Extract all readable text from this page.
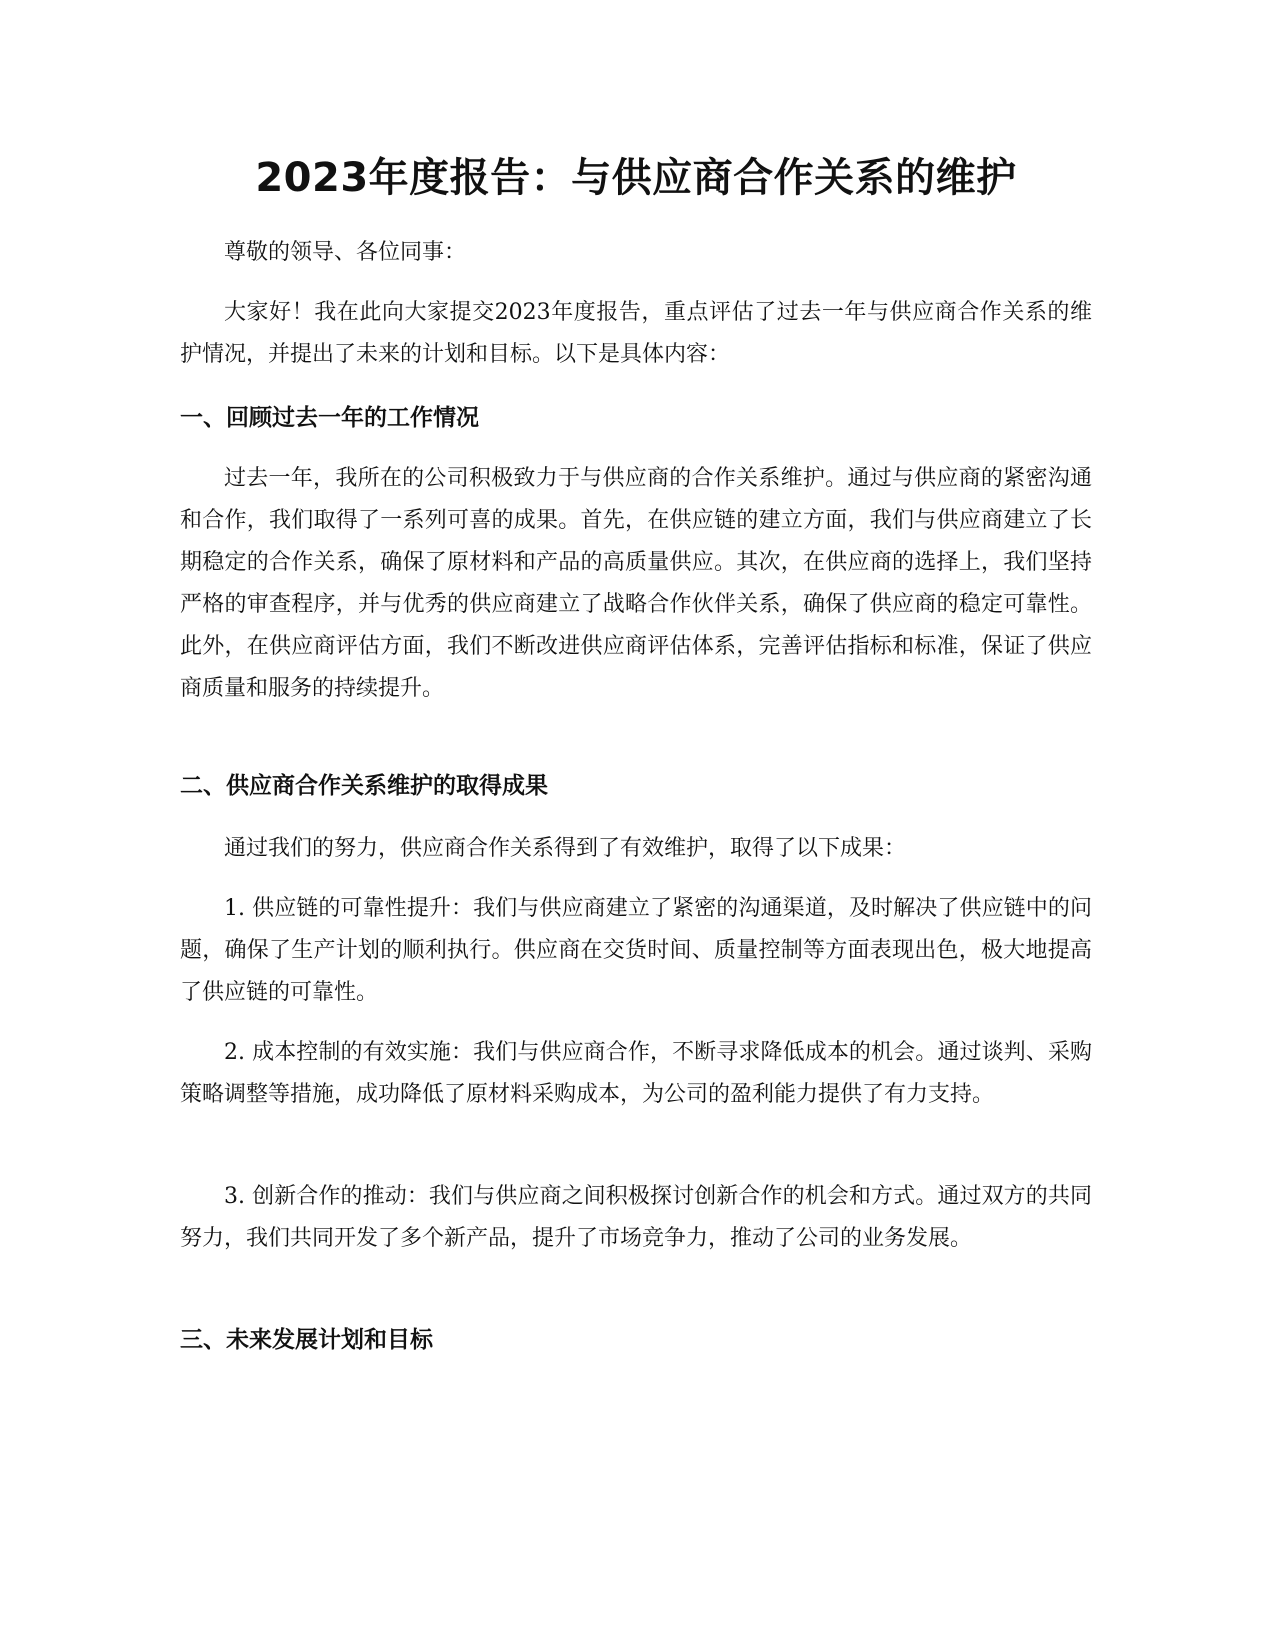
2023年度报告：与供应商合作关系的维护

尊敬的领导、各位同事：

大家好！我在此向大家提交2023年度报告，重点评估了过去一年与供应商合作关系的维护情况，并提出了未来的计划和目标。以下是具体内容：

一、回顾过去一年的工作情况

过去一年，我所在的公司积极致力于与供应商的合作关系维护。通过与供应商的紧密沟通和合作，我们取得了一系列可喜的成果。首先，在供应链的建立方面，我们与供应商建立了长期稳定的合作关系，确保了原材料和产品的高质量供应。其次，在供应商的选择上，我们坚持严格的审查程序，并与优秀的供应商建立了战略合作伙伴关系，确保了供应商的稳定可靠性。此外，在供应商评估方面，我们不断改进供应商评估体系，完善评估指标和标准，保证了供应商质量和服务的持续提升。

二、供应商合作关系维护的取得成果

通过我们的努力，供应商合作关系得到了有效维护，取得了以下成果：

1. 供应链的可靠性提升：我们与供应商建立了紧密的沟通渠道，及时解决了供应链中的问题，确保了生产计划的顺利执行。供应商在交货时间、质量控制等方面表现出色，极大地提高了供应链的可靠性。

2. 成本控制的有效实施：我们与供应商合作，不断寻求降低成本的机会。通过谈判、采购策略调整等措施，成功降低了原材料采购成本，为公司的盈利能力提供了有力支持。

3. 创新合作的推动：我们与供应商之间积极探讨创新合作的机会和方式。通过双方的共同努力，我们共同开发了多个新产品，提升了市场竞争力，推动了公司的业务发展。

三、未来发展计划和目标
